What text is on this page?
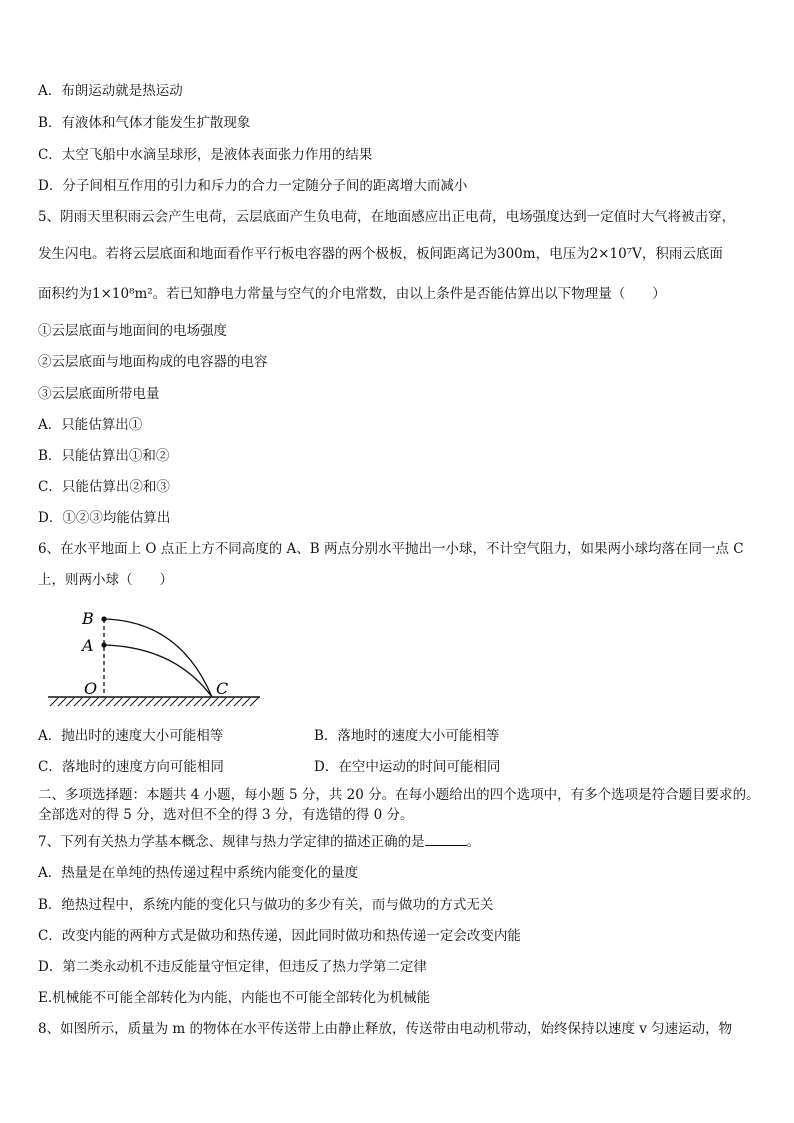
A．布朗运动就是热运动
B．有液体和气体才能发生扩散现象
C．太空飞船中水滴呈球形，是液体表面张力作用的结果
D．分子间相互作用的引力和斥力的合力一定随分子间的距离增大而减小
5、阴雨天里积雨云会产生电荷，云层底面产生负电荷，在地面感应出正电荷，电场强度达到一定值时大气将被击穿，
发生闪电。若将云层底面和地面看作平行板电容器的两个极板，板间距离记为300m，电压为2×10⁷V，积雨云底面
面积约为1×10⁸m²。若已知静电力常量与空气的介电常数，由以上条件是否能估算出以下物理量（　　）
①云层底面与地面间的电场强度
②云层底面与地面构成的电容器的电容
③云层底面所带电量
A．只能估算出①
B．只能估算出①和②
C．只能估算出②和③
D．①②③均能估算出
6、在水平地面上 O 点正上方不同高度的 A、B 两点分别水平抛出一小球，不计空气阻力，如果两小球均落在同一点 C
上，则两小球（　　）
B
A
O	C
A．抛出时的速度大小可能相等	B．落地时的速度大小可能相等
C．落地时的速度方向可能相同	D．在空中运动的时间可能相同
二、多项选择题：本题共 4 小题，每小题 5 分，共 20 分。在每小题给出的四个选项中，有多个选项是符合题目要求的。
全部选对的得 5 分，选对但不全的得 3 分，有选错的得 0 分。
7、下列有关热力学基本概念、规律与热力学定律的描述正确的是	。
A．热量是在单纯的热传递过程中系统内能变化的量度
B．绝热过程中，系统内能的变化只与做功的多少有关，而与做功的方式无关
C．改变内能的两种方式是做功和热传递，因此同时做功和热传递一定会改变内能
D．第二类永动机不违反能量守恒定律，但违反了热力学第二定律
E.机械能不可能全部转化为内能，内能也不可能全部转化为机械能
8、如图所示，质量为 m 的物体在水平传送带上由静止释放，传送带由电动机带动，始终保持以速度 v 匀速运动，物
